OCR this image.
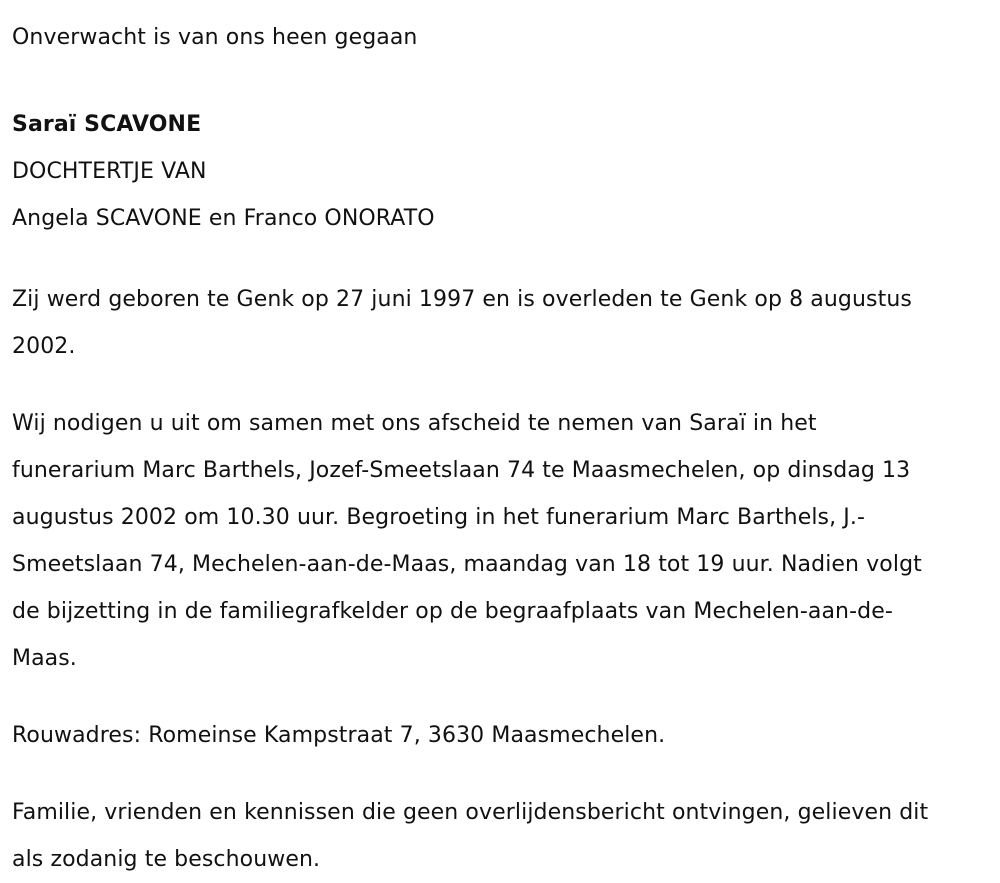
Onverwacht is van ons heen gegaan
Saraï SCAVONE
DOCHTERTJE VAN
Angela SCAVONE en Franco ONORATO

Zij werd geboren te Genk op 27 juni 1997 en is overleden te Genk op 8 augustus 2002.

Wij nodigen u uit om samen met ons afscheid te nemen van Saraï in het funerarium Marc Barthels, Jozef-Smeetslaan 74 te Maasmechelen, op dinsdag 13 augustus 2002 om 10.30 uur. Begroeting in het funerarium Marc Barthels, J.-Smeetslaan 74, Mechelen-aan-de-Maas, maandag van 18 tot 19 uur. Nadien volgt de bijzetting in de familiegrafkelder op de begraafplaats van Mechelen-aan-de-Maas.

Rouwadres: Romeinse Kampstraat 7, 3630 Maasmechelen.

Familie, vrienden en kennissen die geen overlijdensbericht ontvingen, gelieven dit als zodanig te beschouwen.
